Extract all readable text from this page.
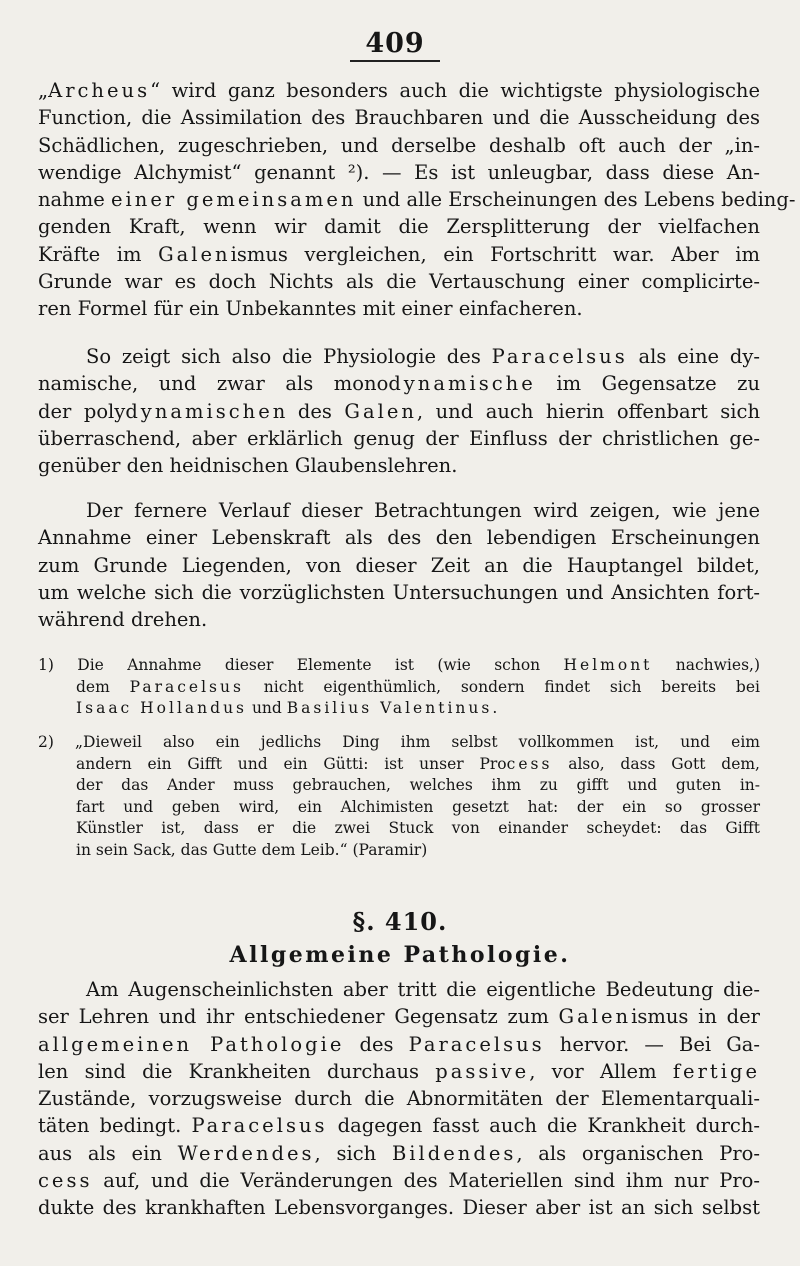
409
„Archeus“ wird ganz besonders auch die wichtigste physiologische
Function, die Assimilation des Brauchbaren und die Ausscheidung des
Schädlichen, zugeschrieben, und derselbe deshalb oft auch der „in-
wendige Alchymist“ genannt ²). — Es ist unleugbar, dass diese An-
nahme einer gemeinsamen und alle Erscheinungen des Lebens beding-
genden Kraft, wenn wir damit die Zersplitterung der vielfachen
Kräfte im Galenismus vergleichen, ein Fortschritt war. Aber im
Grunde war es doch Nichts als die Vertauschung einer complicirte-
ren Formel für ein Unbekanntes mit einer einfacheren.
So zeigt sich also die Physiologie des Paracelsus als eine dy-
namische, und zwar als monodynamische im Gegensatze zu
der polydynamischen des Galen, und auch hierin offenbart sich
überraschend, aber erklärlich genug der Einfluss der christlichen ge-
genüber den heidnischen Glaubenslehren.
Der fernere Verlauf dieser Betrachtungen wird zeigen, wie jene
Annahme einer Lebenskraft als des den lebendigen Erscheinungen
zum Grunde Liegenden, von dieser Zeit an die Hauptangel bildet,
um welche sich die vorzüglichsten Untersuchungen und Ansichten fort-
während drehen.
1) Die Annahme dieser Elemente ist (wie schon Helmont nachwies,)
dem Paracelsus nicht eigenthümlich, sondern findet sich bereits bei
Isaac Hollandus und Basilius Valentinus.
2) „Dieweil also ein jedlichs Ding ihm selbst vollkommen ist, und eim
andern ein Gifft und ein Gütti: ist unser Process also, dass Gott dem,
der das Ander muss gebrauchen, welches ihm zu gifft und guten in-
fart und geben wird, ein Alchimisten gesetzt hat: der ein so grosser
Künstler ist, dass er die zwei Stuck von einander scheydet: das Gifft
in sein Sack, das Gutte dem Leib.“ (Paramir)
§. 410.
Allgemeine Pathologie.
Am Augenscheinlichsten aber tritt die eigentliche Bedeutung die-
ser Lehren und ihr entschiedener Gegensatz zum Galenismus in der
allgemeinen Pathologie des Paracelsus hervor. — Bei Ga-
len sind die Krankheiten durchaus passive, vor Allem fertige
Zustände, vorzugsweise durch die Abnormitäten der Elementarquali-
täten bedingt. Paracelsus dagegen fasst auch die Krankheit durch-
aus als ein Werdendes, sich Bildendes, als organischen Pro-
cess auf, und die Veränderungen des Materiellen sind ihm nur Pro-
dukte des krankhaften Lebensvorganges. Dieser aber ist an sich selbst
